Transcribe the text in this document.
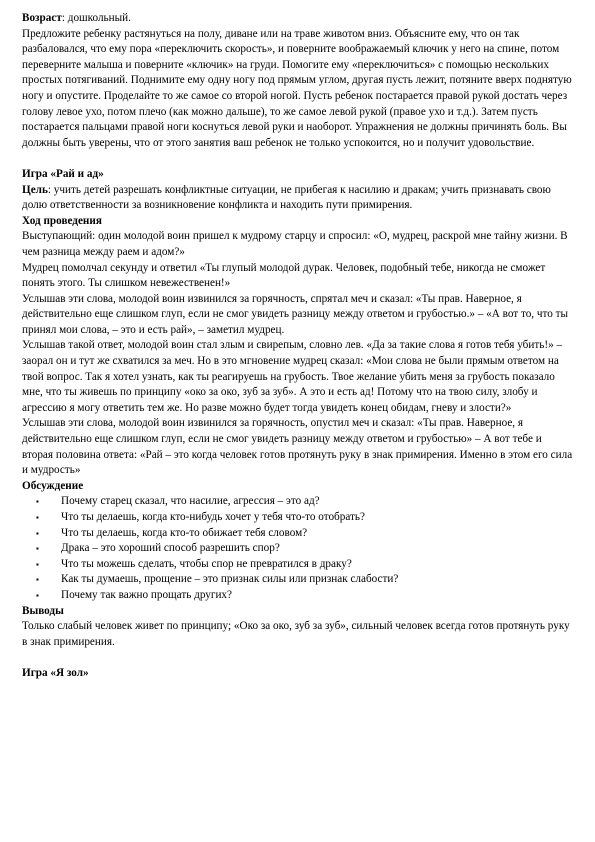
Возраст: дошкольный.

Предложите ребенку растянуться на полу, диване или на траве животом вниз. Объясните ему, что он так разбаловался, что ему пора «переключить скорость», и поверните воображаемый ключик у него на спине, потом переверните малыша и поверните «ключик» на груди. Помогите ему «переключиться» с помощью нескольких простых потягиваний. Поднимите ему одну ногу под прямым углом, другая пусть лежит, потяните вверх поднятую ногу и опустите. Проделайте то же самое со второй ногой. Пусть ребенок постарается правой рукой достать через голову левое ухо, потом плечо (как можно дальше), то же самое левой рукой (правое ухо и т.д.). Затем пусть постарается пальцами правой ноги коснуться левой руки и наоборот. Упражнения не должны причинять боль. Вы должны быть уверены, что от этого занятия ваш ребенок не только успокоится, но и получит удовольствие.

Игра «Рай и ад»

Цель: учить детей разрешать конфликтные ситуации, не прибегая к насилию и дракам; учить признавать свою долю ответственности за возникновение конфликта и находить пути примирения.

Ход проведения

Выступающий: один молодой воин пришел к мудрому старцу и спросил: «О, мудрец, раскрой мне тайну жизни. В чем разница между раем и адом?»

Мудрец помолчал секунду и ответил «Ты глупый молодой дурак. Человек, подобный тебе, никогда не сможет понять этого. Ты слишком невежественен!»

Услышав эти слова, молодой воин извинился за горячность, спрятал меч и сказал: «Ты прав. Наверное, я действительно еще слишком глуп, если не смог увидеть разницу между ответом и грубостью.» – «А вот то, что ты принял мои слова, – это и есть рай», – заметил мудрец.

Услышав такой ответ, молодой воин стал злым и свирепым, словно лев. «Да за такие слова я готов тебя убить!» – заорал он и тут же схватился за меч. Но в это мгновение мудрец сказал: «Мои слова не были прямым ответом на твой вопрос. Так я хотел узнать, как ты реагируешь на грубость. Твое желание убить меня за грубость показало мне, что ты живешь по принципу «око за око, зуб за зуб». А это и есть ад! Потому что на твою силу, злобу и агрессию я могу ответить тем же. Но разве можно будет тогда увидеть конец обидам, гневу и злости?»

Услышав эти слова, молодой воин извинился за горячность, опустил меч и сказал: «Ты прав. Наверное, я действительно еще слишком глуп, если не смог увидеть разницу между ответом и грубостью» – А вот тебе и вторая половина ответа: «Рай – это когда человек готов протянуть руку в знак примирения. Именно в этом его сила и мудрость»

Обсуждение

▪ Почему старец сказал, что насилие, агрессия – это ад?
▪ Что ты делаешь, когда кто-нибудь хочет у тебя что-то отобрать?
▪ Что ты делаешь, когда кто-то обижает тебя словом?
▪ Драка – это хороший способ разрешить спор?
▪ Что ты можешь сделать, чтобы спор не превратился в драку?
▪ Как ты думаешь, прощение – это признак силы или признак слабости?
▪ Почему так важно прощать других?

Выводы

Только слабый человек живет по принципу; «Око за око, зуб за зуб», сильный человек всегда готов протянуть руку в знак примирения.

Игра «Я зол»
